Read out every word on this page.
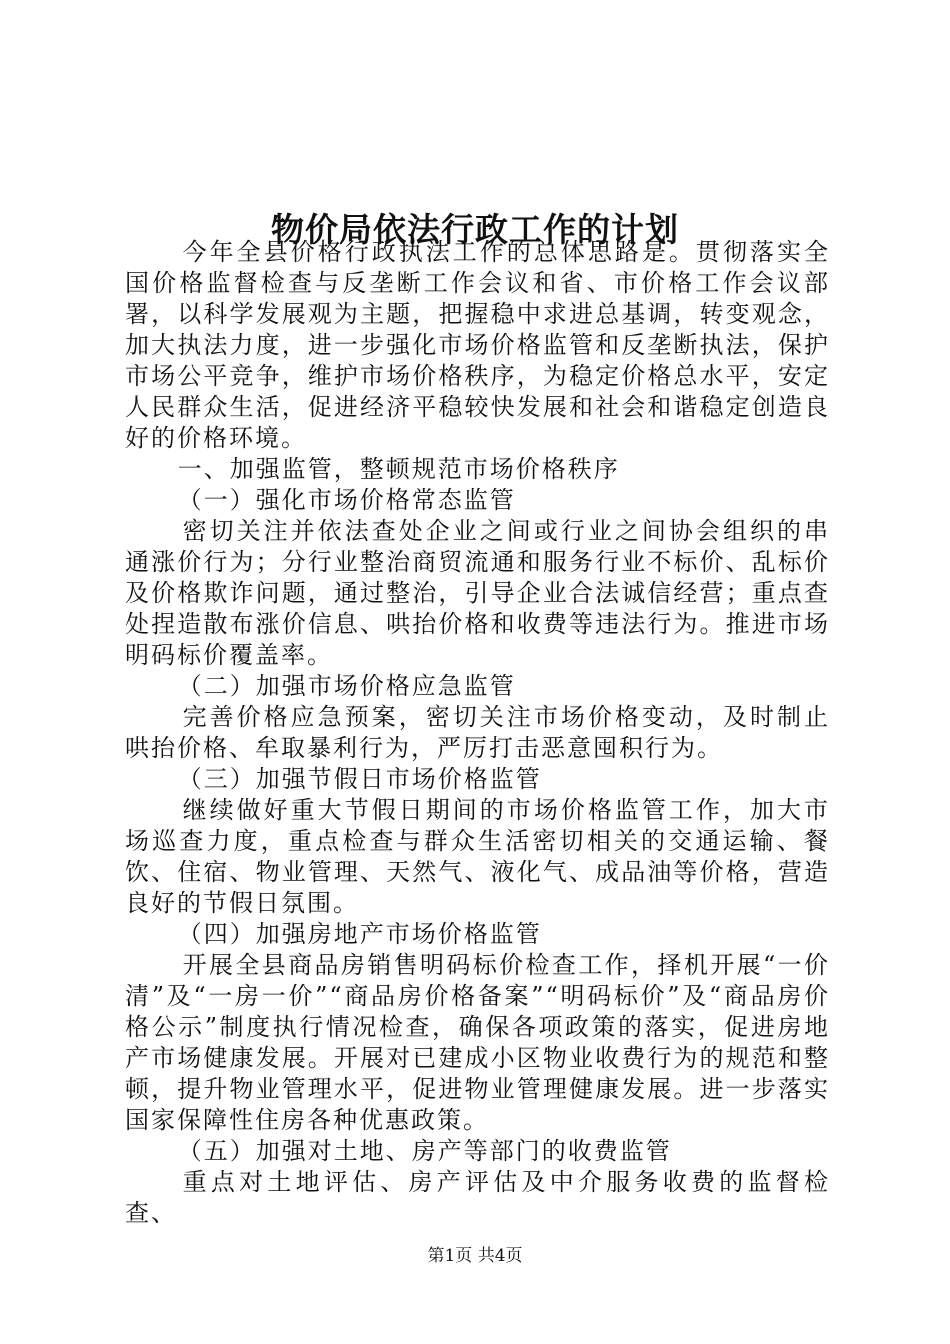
物价局依法行政工作的计划

今年全县价格行政执法工作的总体思路是。贯彻落实全国价格监督检查与反垄断工作会议和省、市价格工作会议部署，以科学发展观为主题，把握稳中求进总基调，转变观念，加大执法力度，进一步强化市场价格监管和反垄断执法，保护市场公平竞争，维护市场价格秩序，为稳定价格总水平，安定人民群众生活，促进经济平稳较快发展和社会和谐稳定创造良好的价格环境。

一、加强监管，整顿规范市场价格秩序

（一）强化市场价格常态监管

密切关注并依法查处企业之间或行业之间协会组织的串通涨价行为；分行业整治商贸流通和服务行业不标价、乱标价及价格欺诈问题，通过整治，引导企业合法诚信经营；重点查处捏造散布涨价信息、哄抬价格和收费等违法行为。推进市场明码标价覆盖率。

（二）加强市场价格应急监管

完善价格应急预案，密切关注市场价格变动，及时制止哄抬价格、牟取暴利行为，严厉打击恶意囤积行为。

（三）加强节假日市场价格监管

继续做好重大节假日期间的市场价格监管工作，加大市场巡查力度，重点检查与群众生活密切相关的交通运输、餐饮、住宿、物业管理、天然气、液化气、成品油等价格，营造良好的节假日氛围。

（四）加强房地产市场价格监管

开展全县商品房销售明码标价检查工作，择机开展“一价清”及“一房一价”“商品房价格备案”“明码标价”及“商品房价格公示”制度执行情况检查，确保各项政策的落实，促进房地产市场健康发展。开展对已建成小区物业收费行为的规范和整顿，提升物业管理水平，促进物业管理健康发展。进一步落实国家保障性住房各种优惠政策。

（五）加强对土地、房产等部门的收费监管

重点对土地评估、房产评估及中介服务收费的监督检查、

第1页 共4页
